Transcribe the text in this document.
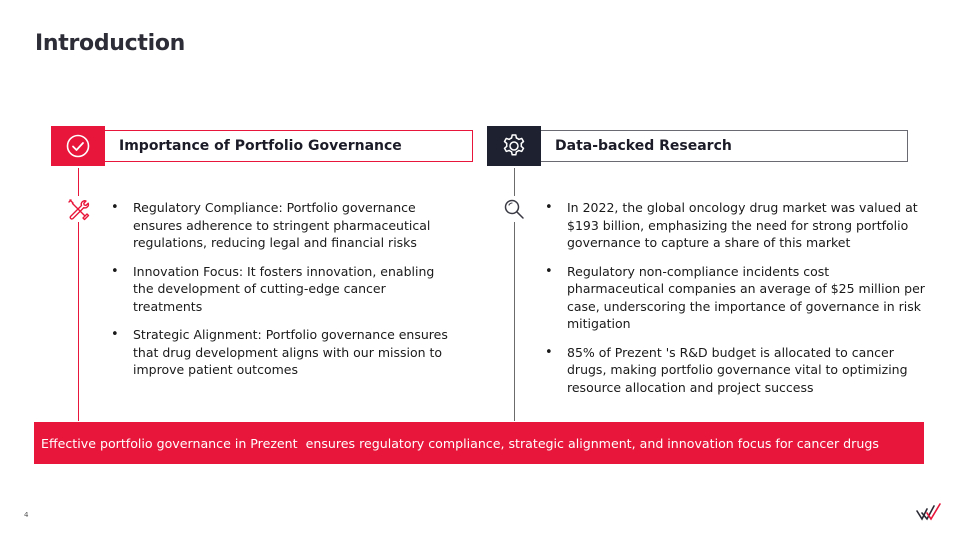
Introduction
Importance of Portfolio Governance	Data-backed Research
• Regulatory Compliance: Portfolio governance ensures adherence to stringent pharmaceutical regulations, reducing legal and financial risks
• Innovation Focus: It fosters innovation, enabling the development of cutting-edge cancer treatments
• Strategic Alignment: Portfolio governance ensures that drug development aligns with our mission to improve patient outcomes
• In 2022, the global oncology drug market was valued at $193 billion, emphasizing the need for strong portfolio governance to capture a share of this market
• Regulatory non-compliance incidents cost pharmaceutical companies an average of $25 million per case, underscoring the importance of governance in risk mitigation
• 85% of Prezent 's R&D budget is allocated to cancer drugs, making portfolio governance vital to optimizing resource allocation and project success
Effective portfolio governance in Prezent  ensures regulatory compliance, strategic alignment, and innovation focus for cancer drugs
4
